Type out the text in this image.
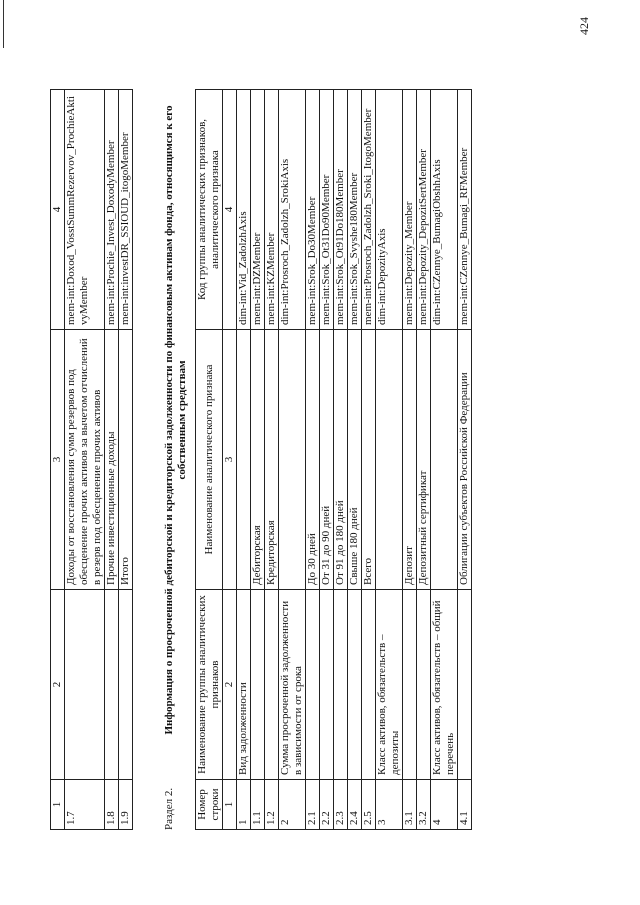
424
1	2	3	4
1.7		Доходы от восстановления сумм резервов под обесценение прочих активов за вычетом отчислений в резерв под обесценение прочих активов	mem-int:Doxod_VosstSummRezervov_ProchieAktivyMember
1.8		Прочие инвестиционные доходы	mem-int:Prochie_Invest_DoxodyMember
1.9		Итого	mem-int:investDR_SSIOUD_itogoMember
Раздел 2.
Информация о просроченной дебиторской и кредиторской задолженности по финансовым активам фонда, относящимся к его собственным средствам
Номер строки	Наименование группы аналитических признаков	Наименование аналитического признака	Код группы аналитических признаков, аналитического признака
1	2	3	4
1	Вид задолженности		dim-int:Vid_ZadolzhAxis
1.1		Дебиторская	mem-int:DZMember
1.2		Кредиторская	mem-int:KZMember
2	Сумма просроченной задолженности в зависимости от срока		dim-int:Prosroch_Zadolzh_SrokiAxis
2.1		До 30 дней	mem-int:Srok_Do30Member
2.2		От 31 до 90 дней	mem-int:Srok_Ot31Do90Member
2.3		От 91 до 180 дней	mem-int:Srok_Ot91Do180Member
2.4		Свыше 180 дней	mem-int:Srok_Svyshe180Member
2.5		Всего	mem-int:Prosroch_Zadolzh_Sroki_ItogoMember
3	Класс активов, обязательств – депозиты		dim-int:DepozityAxis
3.1		Депозит	mem-int:Depozity_Member
3.2		Депозитный сертификат	mem-int:Depozity_DepozitSertMember
4	Класс активов, обязательств – общий перечень		dim-int:CZennye_BumagiObshhAxis
4.1		Облигации субъектов Российской Федерации	mem-int:CZennye_Bumagi_RFMember
